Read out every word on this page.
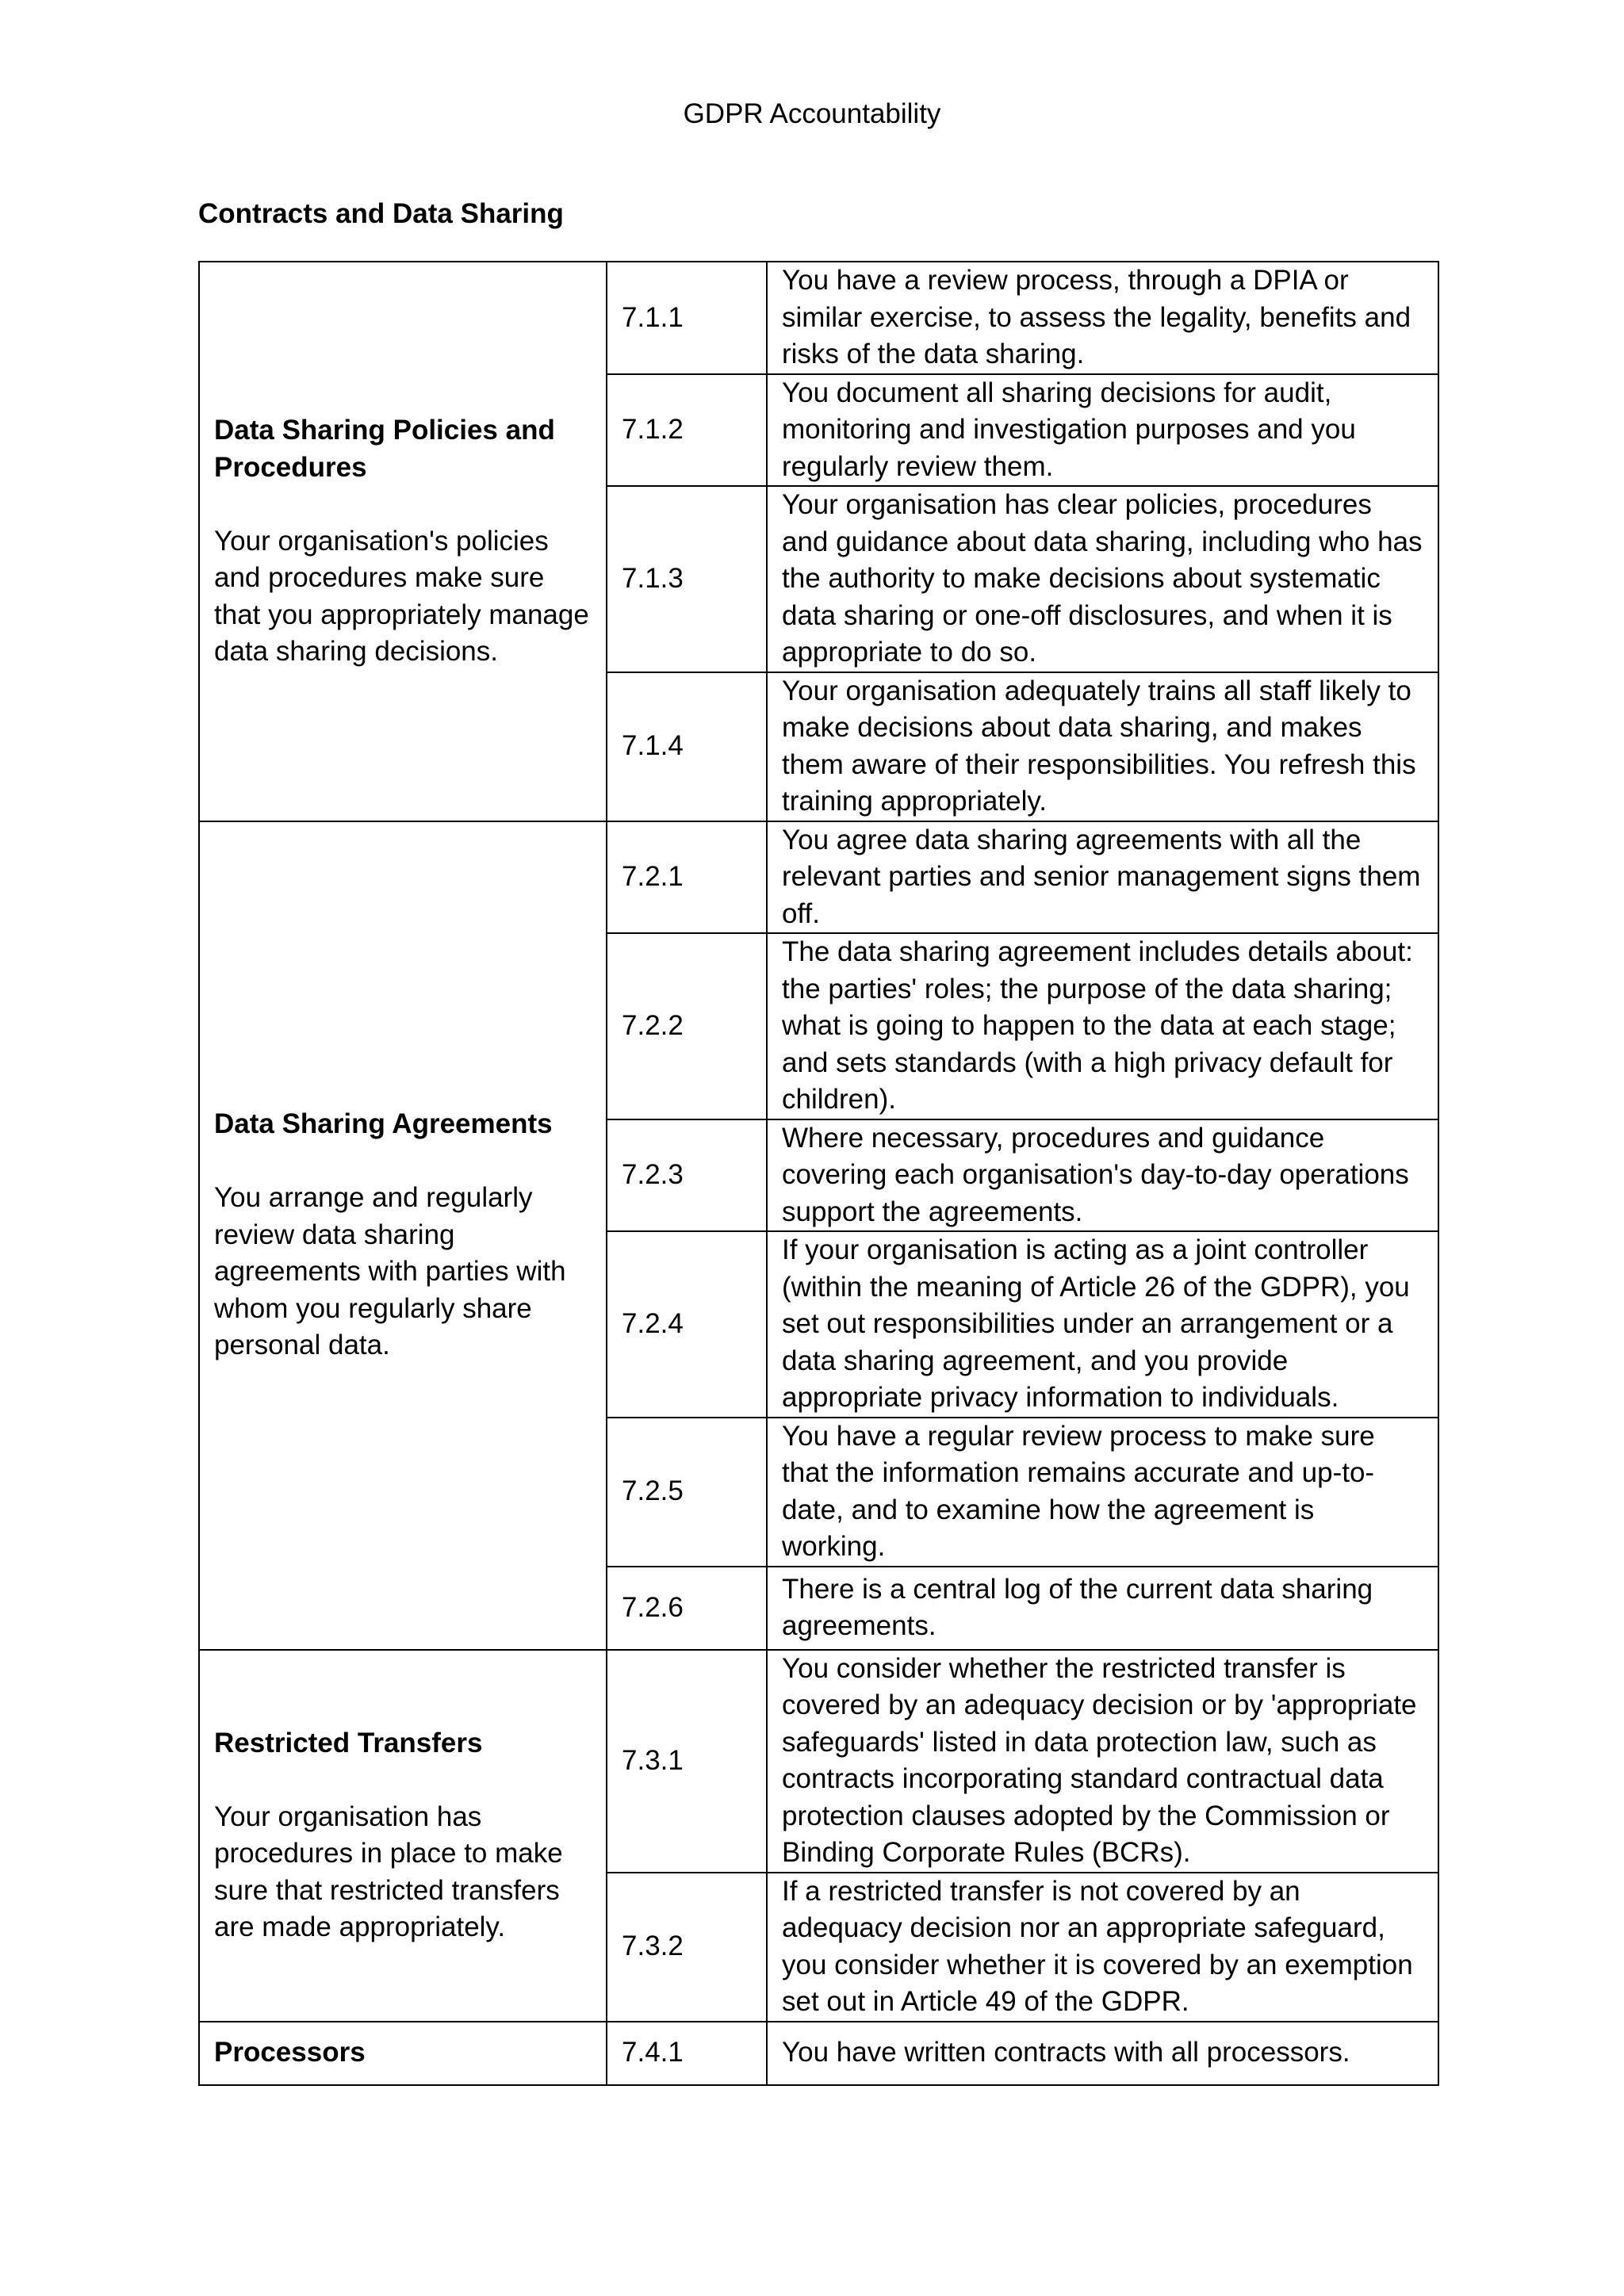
GDPR Accountability
Contracts and Data Sharing
Data Sharing Policies and Procedures
Your organisation's policies and procedures make sure that you appropriately manage data sharing decisions.	7.1.1	You have a review process, through a DPIA or similar exercise, to assess the legality, benefits and risks of the data sharing.
	7.1.2	You document all sharing decisions for audit, monitoring and investigation purposes and you regularly review them.
	7.1.3	Your organisation has clear policies, procedures and guidance about data sharing, including who has the authority to make decisions about systematic data sharing or one-off disclosures, and when it is appropriate to do so.
	7.1.4	Your organisation adequately trains all staff likely to make decisions about data sharing, and makes them aware of their responsibilities. You refresh this training appropriately.

Data Sharing Agreements
You arrange and regularly review data sharing agreements with parties with whom you regularly share personal data.	7.2.1	You agree data sharing agreements with all the relevant parties and senior management signs them off.
	7.2.2	The data sharing agreement includes details about: the parties' roles; the purpose of the data sharing; what is going to happen to the data at each stage; and sets standards (with a high privacy default for children).
	7.2.3	Where necessary, procedures and guidance covering each organisation's day-to-day operations support the agreements.
	7.2.4	If your organisation is acting as a joint controller (within the meaning of Article 26 of the GDPR), you set out responsibilities under an arrangement or a data sharing agreement, and you provide appropriate privacy information to individuals.
	7.2.5	You have a regular review process to make sure that the information remains accurate and up-to-date, and to examine how the agreement is working.
	7.2.6	There is a central log of the current data sharing agreements.

Restricted Transfers
Your organisation has procedures in place to make sure that restricted transfers are made appropriately.	7.3.1	You consider whether the restricted transfer is covered by an adequacy decision or by 'appropriate safeguards' listed in data protection law, such as contracts incorporating standard contractual data protection clauses adopted by the Commission or Binding Corporate Rules (BCRs).
	7.3.2	If a restricted transfer is not covered by an adequacy decision nor an appropriate safeguard, you consider whether it is covered by an exemption set out in Article 49 of the GDPR.

Processors	7.4.1	You have written contracts with all processors.
